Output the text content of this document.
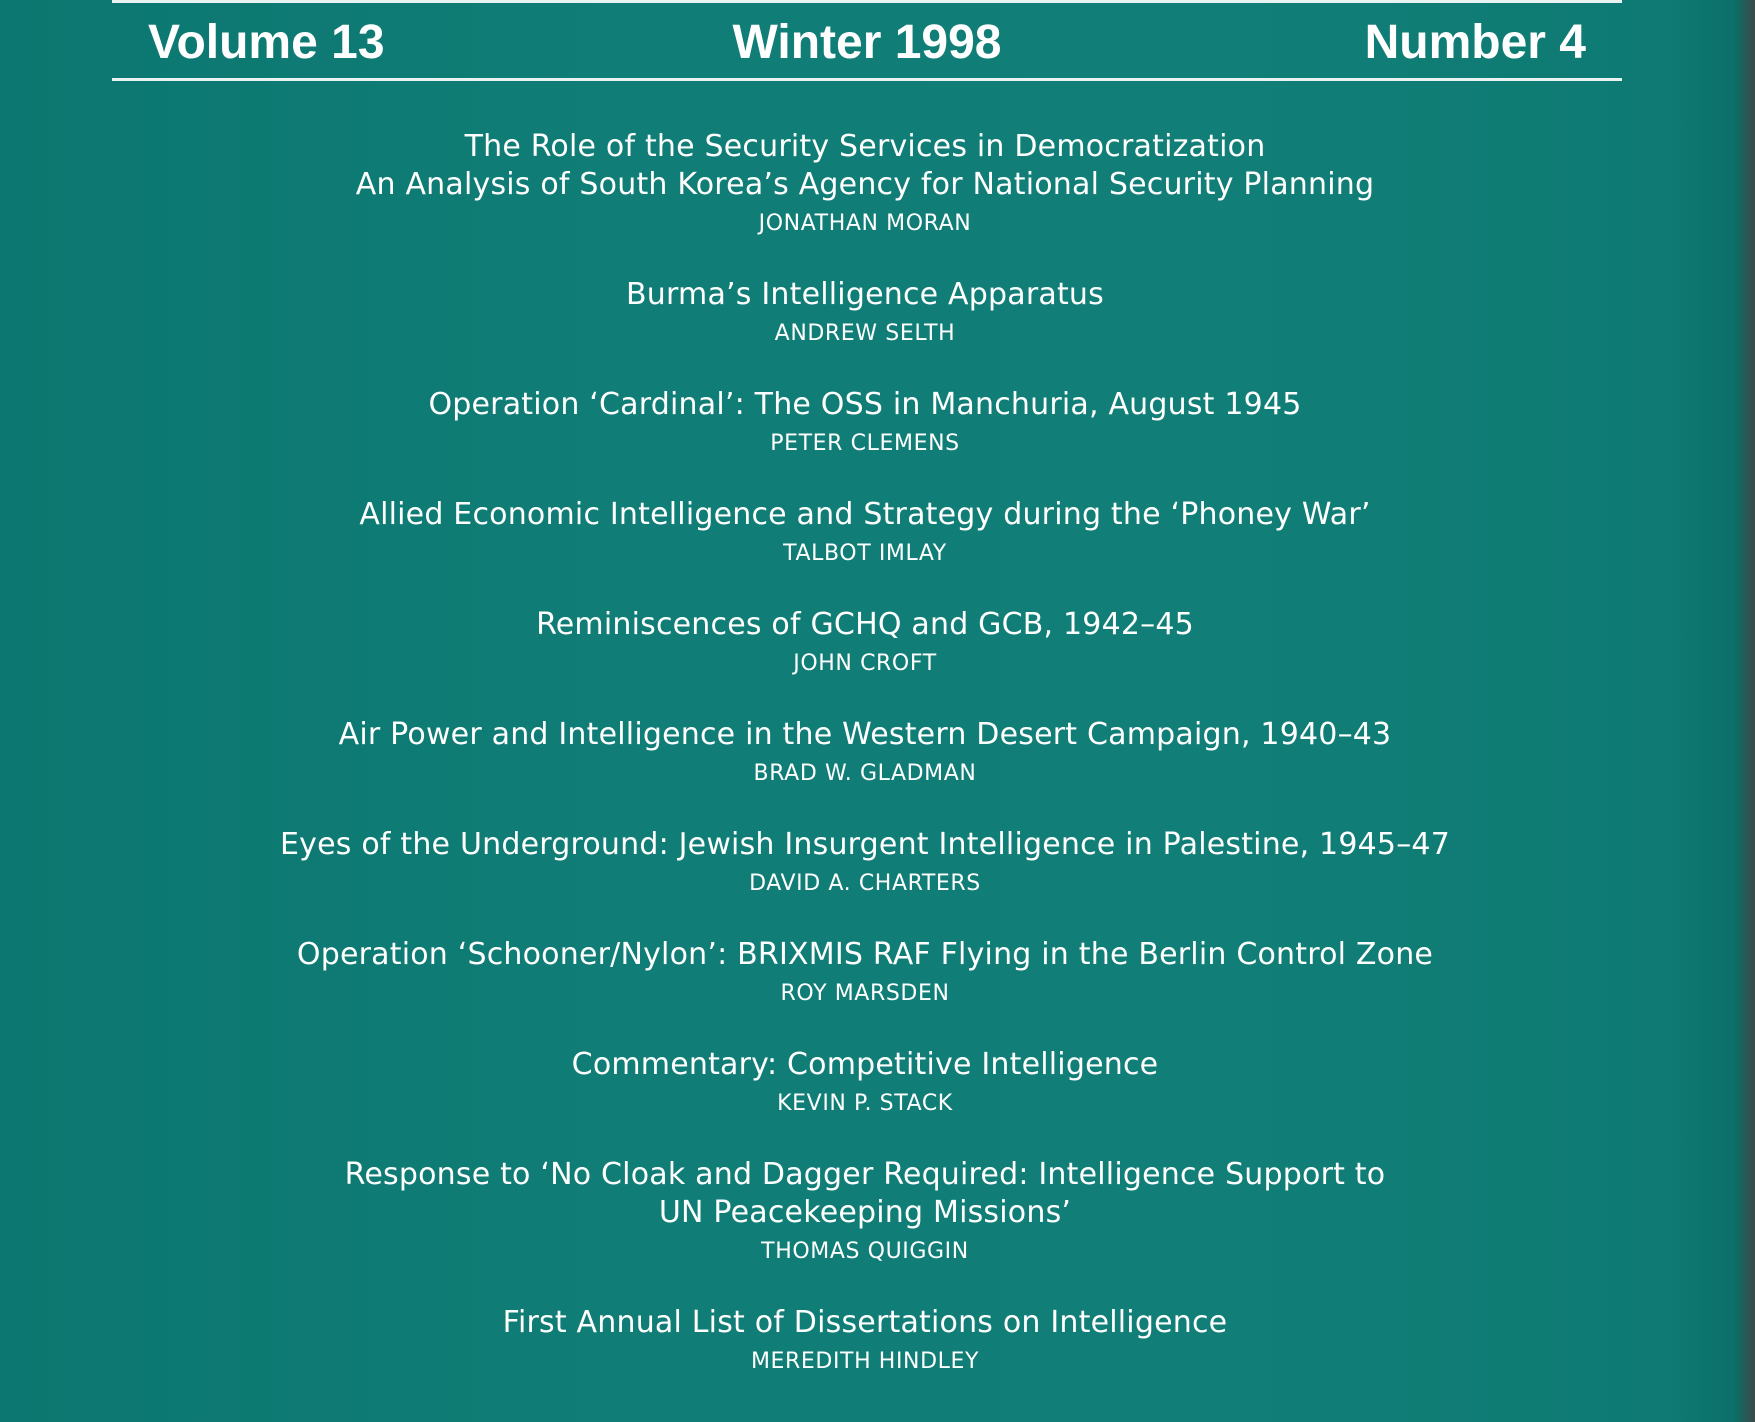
Volume 13	Winter 1998	Number 4
The Role of the Security Services in Democratization
An Analysis of South Korea’s Agency for National Security Planning
JONATHAN MORAN
Burma’s Intelligence Apparatus
ANDREW SELTH
Operation ‘Cardinal’: The OSS in Manchuria, August 1945
PETER CLEMENS
Allied Economic Intelligence and Strategy during the ‘Phoney War’
TALBOT IMLAY
Reminiscences of GCHQ and GCB, 1942–45
JOHN CROFT
Air Power and Intelligence in the Western Desert Campaign, 1940–43
BRAD W. GLADMAN
Eyes of the Underground: Jewish Insurgent Intelligence in Palestine, 1945–47
DAVID A. CHARTERS
Operation ‘Schooner/Nylon’: BRIXMIS RAF Flying in the Berlin Control Zone
ROY MARSDEN
Commentary: Competitive Intelligence
KEVIN P. STACK
Response to ‘No Cloak and Dagger Required: Intelligence Support to
UN Peacekeeping Missions’
THOMAS QUIGGIN
First Annual List of Dissertations on Intelligence
MEREDITH HINDLEY
